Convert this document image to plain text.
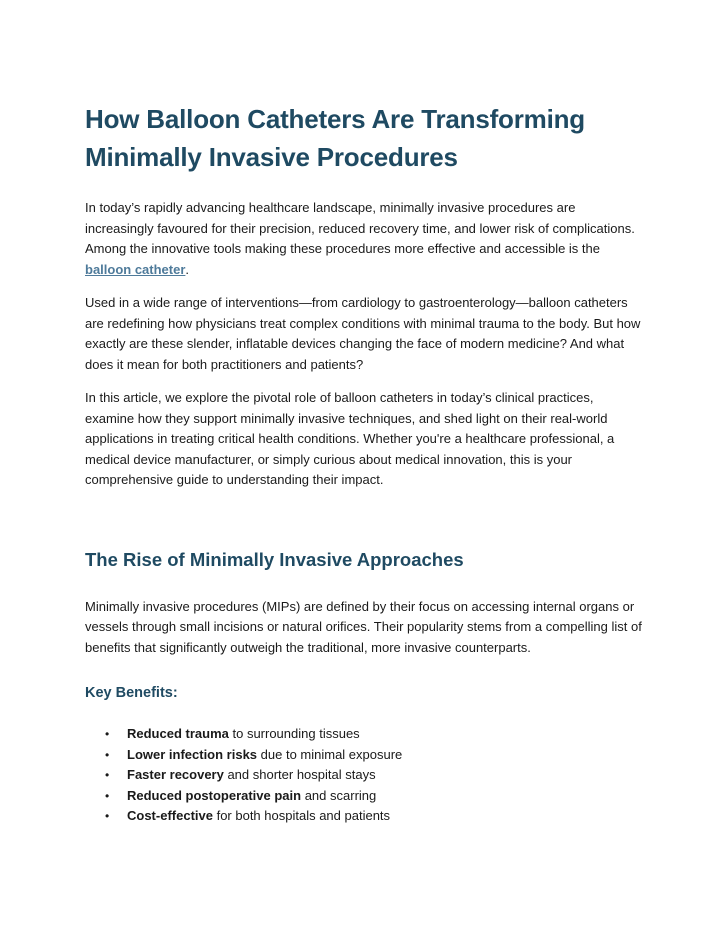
How Balloon Catheters Are Transforming Minimally Invasive Procedures

In today’s rapidly advancing healthcare landscape, minimally invasive procedures are increasingly favoured for their precision, reduced recovery time, and lower risk of complications. Among the innovative tools making these procedures more effective and accessible is the balloon catheter.

Used in a wide range of interventions—from cardiology to gastroenterology—balloon catheters are redefining how physicians treat complex conditions with minimal trauma to the body. But how exactly are these slender, inflatable devices changing the face of modern medicine? And what does it mean for both practitioners and patients?

In this article, we explore the pivotal role of balloon catheters in today’s clinical practices, examine how they support minimally invasive techniques, and shed light on their real-world applications in treating critical health conditions. Whether you're a healthcare professional, a medical device manufacturer, or simply curious about medical innovation, this is your comprehensive guide to understanding their impact.

The Rise of Minimally Invasive Approaches

Minimally invasive procedures (MIPs) are defined by their focus on accessing internal organs or vessels through small incisions or natural orifices. Their popularity stems from a compelling list of benefits that significantly outweigh the traditional, more invasive counterparts.

Key Benefits:
• Reduced trauma to surrounding tissues
• Lower infection risks due to minimal exposure
• Faster recovery and shorter hospital stays
• Reduced postoperative pain and scarring
• Cost-effective for both hospitals and patients
